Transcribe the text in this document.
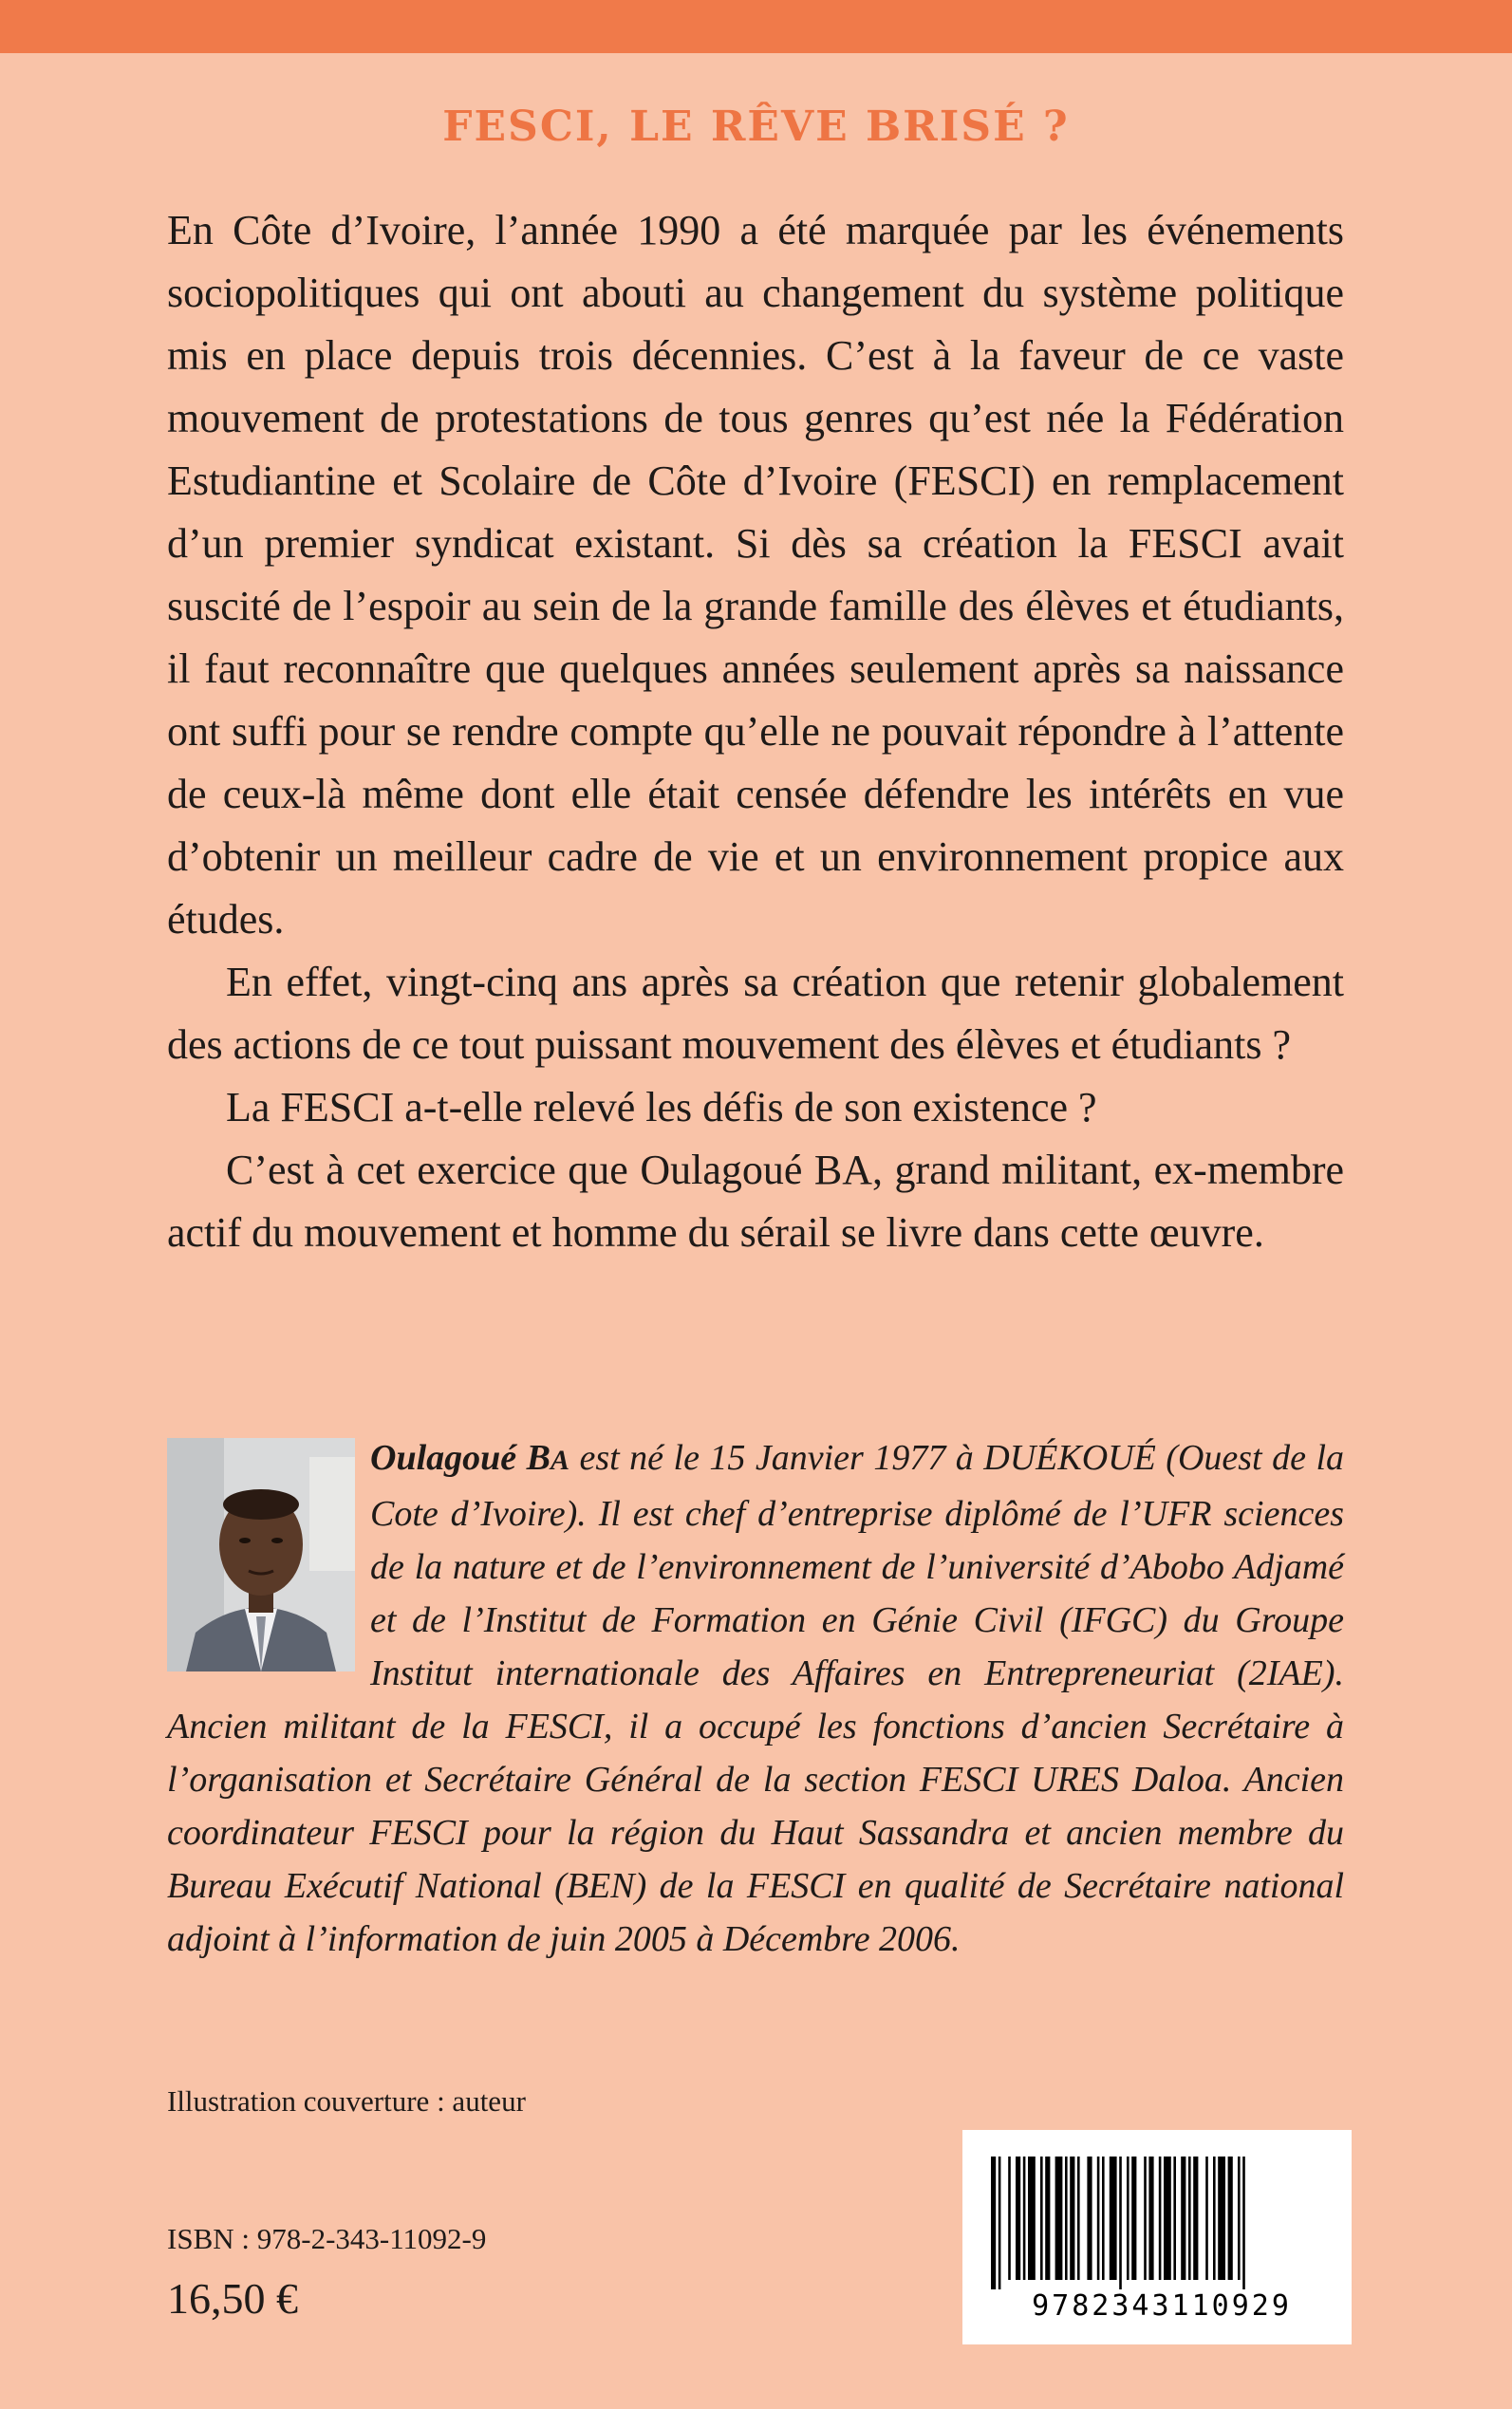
FESCI, LE RÊVE BRISÉ ?

En Côte d’Ivoire, l’année 1990 a été marquée par les événements sociopolitiques qui ont abouti au changement du système politique mis en place depuis trois décennies. C’est à la faveur de ce vaste mouvement de protestations de tous genres qu’est née la Fédération Estudiantine et Scolaire de Côte d’Ivoire (FESCI) en remplacement d’un premier syndicat existant. Si dès sa création la FESCI avait suscité de l’espoir au sein de la grande famille des élèves et étudiants, il faut reconnaître que quelques années seulement après sa naissance ont suffi pour se rendre compte qu’elle ne pouvait répondre à l’attente de ceux-là même dont elle était censée défendre les intérêts en vue d’obtenir un meilleur cadre de vie et un environnement propice aux études.

En effet, vingt-cinq ans après sa création que retenir globalement des actions de ce tout puissant mouvement des élèves et étudiants ?

La FESCI a-t-elle relevé les défis de son existence ?

C’est à cet exercice que Oulagoué BA, grand militant, ex-membre actif du mouvement et homme du sérail se livre dans cette œuvre.

Oulagoué BA est né le 15 Janvier 1977 à DUÉKOUÉ (Ouest de la Cote d’Ivoire). Il est chef d’entreprise diplômé de l’UFR sciences de la nature et de l’environnement de l’université d’Abobo Adjamé et de l’Institut de Formation en Génie Civil (IFGC) du Groupe Institut internationale des Affaires en Entrepreneuriat (2IAE). Ancien militant de la FESCI, il a occupé les fonctions d’ancien Secrétaire à l’organisation et Secrétaire Général de la section FESCI URES Daloa. Ancien coordinateur FESCI pour la région du Haut Sassandra et ancien membre du Bureau Exécutif National (BEN) de la FESCI en qualité de Secrétaire national adjoint à l’information de juin 2005 à Décembre 2006.
Illustration couverture : auteur
ISBN : 978-2-343-11092-9
16,50 €	9782343110929
